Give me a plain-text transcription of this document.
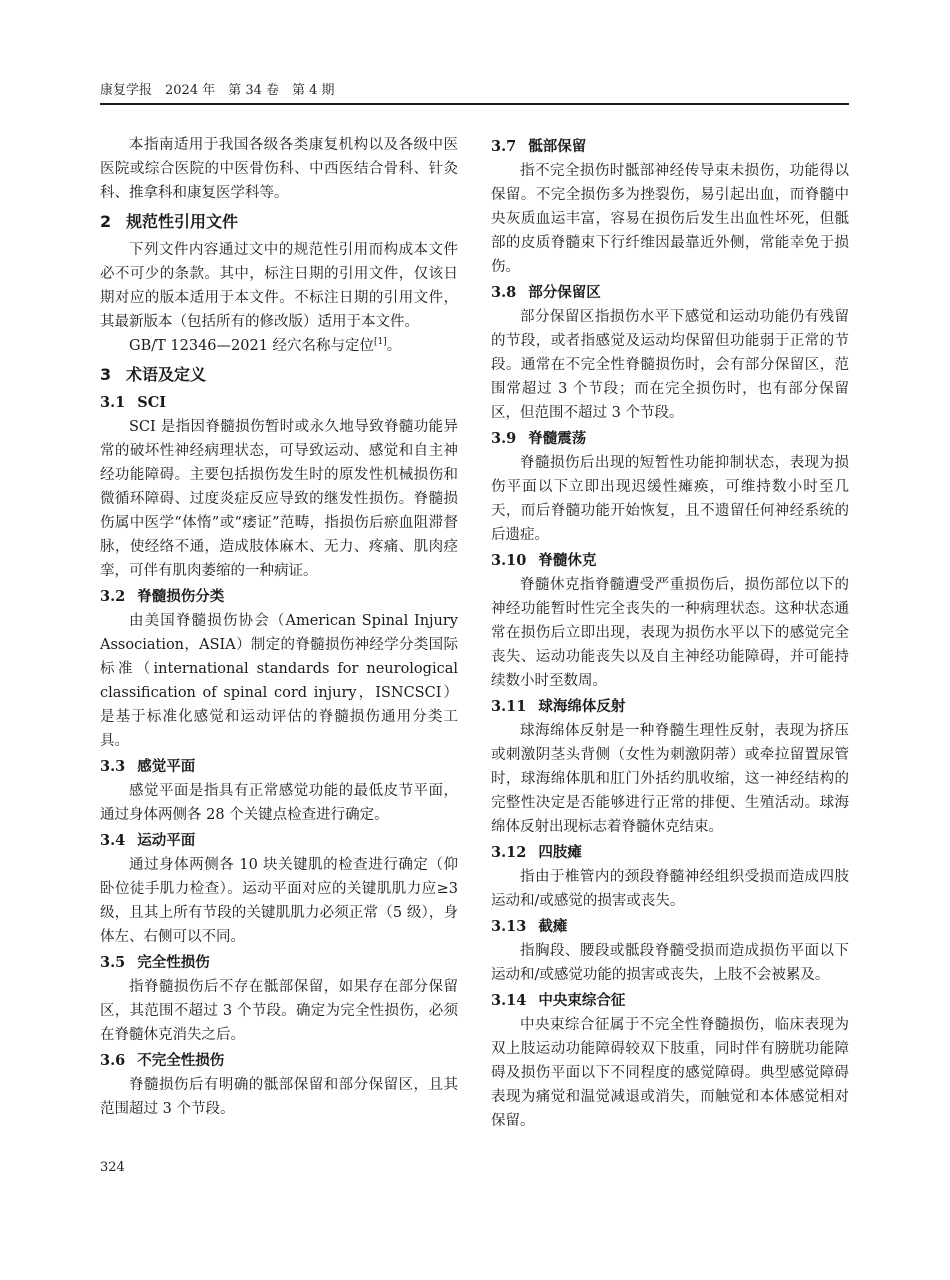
康复学报　2024 年　第 34 卷　第 4 期

本指南适用于我国各级各类康复机构以及各级中医医院或综合医院的中医骨伤科、中西医结合骨科、针灸科、推拿科和康复医学科等。

2 规范性引用文件

下列文件内容通过文中的规范性引用而构成本文件必不可少的条款。其中，标注日期的引用文件，仅该日期对应的版本适用于本文件。不标注日期的引用文件，其最新版本（包括所有的修改版）适用于本文件。

GB/T 12346—2021 经穴名称与定位[1]。

3 术语及定义
3.1 SCI

SCI 是指因脊髓损伤暂时或永久地导致脊髓功能异常的破坏性神经病理状态，可导致运动、感觉和自主神经功能障碍。主要包括损伤发生时的原发性机械损伤和微循环障碍、过度炎症反应导致的继发性损伤。脊髓损伤属中医学“体惰”或“痿证”范畴，指损伤后瘀血阻滞督脉，使经络不通，造成肢体麻木、无力、疼痛、肌肉痉挛，可伴有肌肉萎缩的一种病证。

3.2 脊髓损伤分类

由美国脊髓损伤协会（American Spinal Injury Association，ASIA）制定的脊髓损伤神经学分类国际标准（international standards for neurological classification of spinal cord injury，ISNCSCI）是基于标准化感觉和运动评估的脊髓损伤通用分类工具。

3.3 感觉平面

感觉平面是指具有正常感觉功能的最低皮节平面，通过身体两侧各 28 个关键点检查进行确定。

3.4 运动平面

通过身体两侧各 10 块关键肌的检查进行确定（仰卧位徒手肌力检查）。运动平面对应的关键肌肌力应≥3 级，且其上所有节段的关键肌肌力必须正常（5 级），身体左、右侧可以不同。

3.5 完全性损伤

指脊髓损伤后不存在骶部保留，如果存在部分保留区，其范围不超过 3 个节段。确定为完全性损伤，必须在脊髓休克消失之后。

3.6 不完全性损伤

脊髓损伤后有明确的骶部保留和部分保留区，且其范围超过 3 个节段。

3.7 骶部保留

指不完全损伤时骶部神经传导束未损伤，功能得以保留。不完全损伤多为挫裂伤，易引起出血，而脊髓中央灰质血运丰富，容易在损伤后发生出血性坏死，但骶部的皮质脊髓束下行纤维因最靠近外侧，常能幸免于损伤。

3.8 部分保留区

部分保留区指损伤水平下感觉和运动功能仍有残留的节段，或者指感觉及运动均保留但功能弱于正常的节段。通常在不完全性脊髓损伤时，会有部分保留区，范围常超过 3 个节段；而在完全损伤时，也有部分保留区，但范围不超过 3 个节段。

3.9 脊髓震荡

脊髓损伤后出现的短暂性功能抑制状态，表现为损伤平面以下立即出现迟缓性瘫痪，可维持数小时至几天，而后脊髓功能开始恢复，且不遗留任何神经系统的后遗症。

3.10 脊髓休克

脊髓休克指脊髓遭受严重损伤后，损伤部位以下的神经功能暂时性完全丧失的一种病理状态。这种状态通常在损伤后立即出现，表现为损伤水平以下的感觉完全丧失、运动功能丧失以及自主神经功能障碍，并可能持续数小时至数周。

3.11 球海绵体反射

球海绵体反射是一种脊髓生理性反射，表现为挤压或刺激阴茎头背侧（女性为刺激阴蒂）或牵拉留置尿管时，球海绵体肌和肛门外括约肌收缩，这一神经结构的完整性决定是否能够进行正常的排便、生殖活动。球海绵体反射出现标志着脊髓休克结束。

3.12 四肢瘫

指由于椎管内的颈段脊髓神经组织受损而造成四肢运动和/或感觉的损害或丧失。

3.13 截瘫

指胸段、腰段或骶段脊髓受损而造成损伤平面以下运动和/或感觉功能的损害或丧失，上肢不会被累及。

3.14 中央束综合征

中央束综合征属于不完全性脊髓损伤，临床表现为双上肢运动功能障碍较双下肢重，同时伴有膀胱功能障碍及损伤平面以下不同程度的感觉障碍。典型感觉障碍表现为痛觉和温觉减退或消失，而触觉和本体感觉相对保留。

324
